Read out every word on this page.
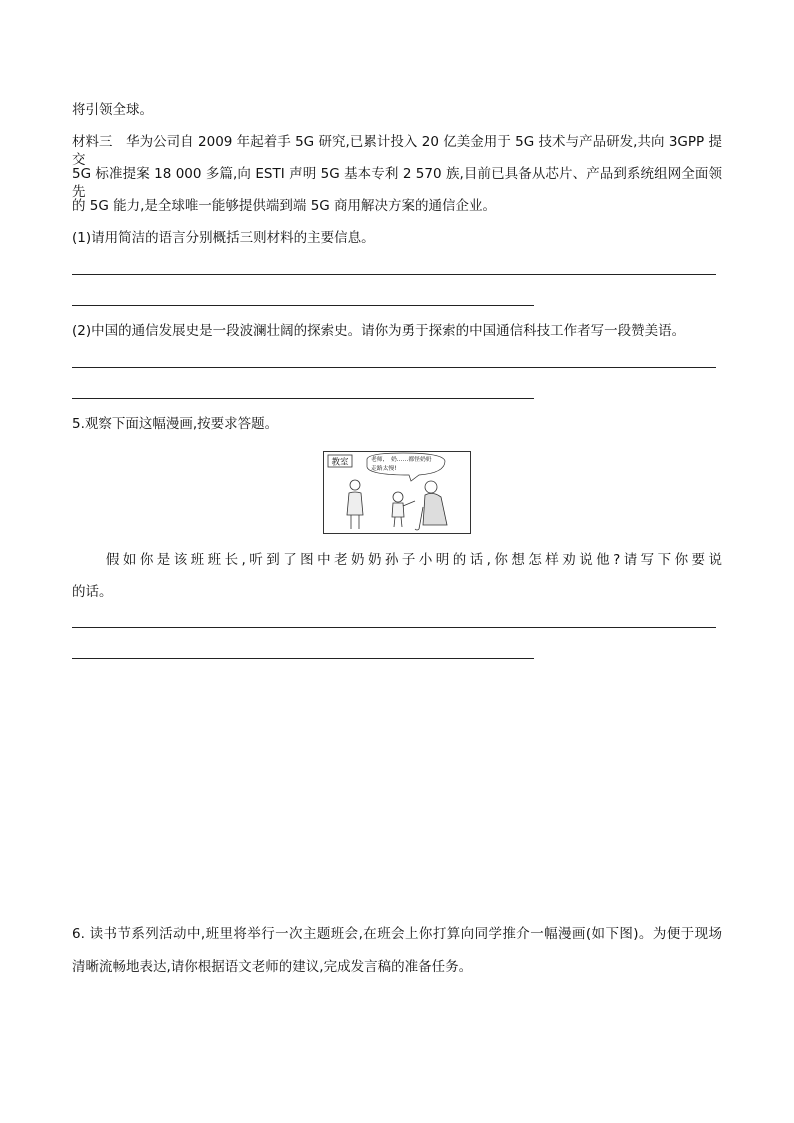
将引领全球。
材料三　华为公司自 2009 年起着手 5G 研究,已累计投入 20 亿美金用于 5G 技术与产品研发,共向 3GPP 提交
5G 标准提案 18 000 多篇,向 ESTI 声明 5G 基本专利 2 570 族,目前已具备从芯片、产品到系统组网全面领先
的 5G 能力,是全球唯一能够提供端到端 5G 商用解决方案的通信企业。
(1)请用简洁的语言分别概括三则材料的主要信息。
(2)中国的通信发展史是一段波澜壮阔的探索史。请你为勇于探索的中国通信科技工作者写一段赞美语。
5.观察下面这幅漫画,按要求答题。
教室	老师, 奶……都怪奶奶
走路太慢!
　　假如你是该班班长,听到了图中老奶奶孙子小明的话,你想怎样劝说他?请写下你要说
的话。
6. 读书节系列活动中,班里将举行一次主题班会,在班会上你打算向同学推介一幅漫画(如下图)。为便于现场
清晰流畅地表达,请你根据语文老师的建议,完成发言稿的准备任务。
